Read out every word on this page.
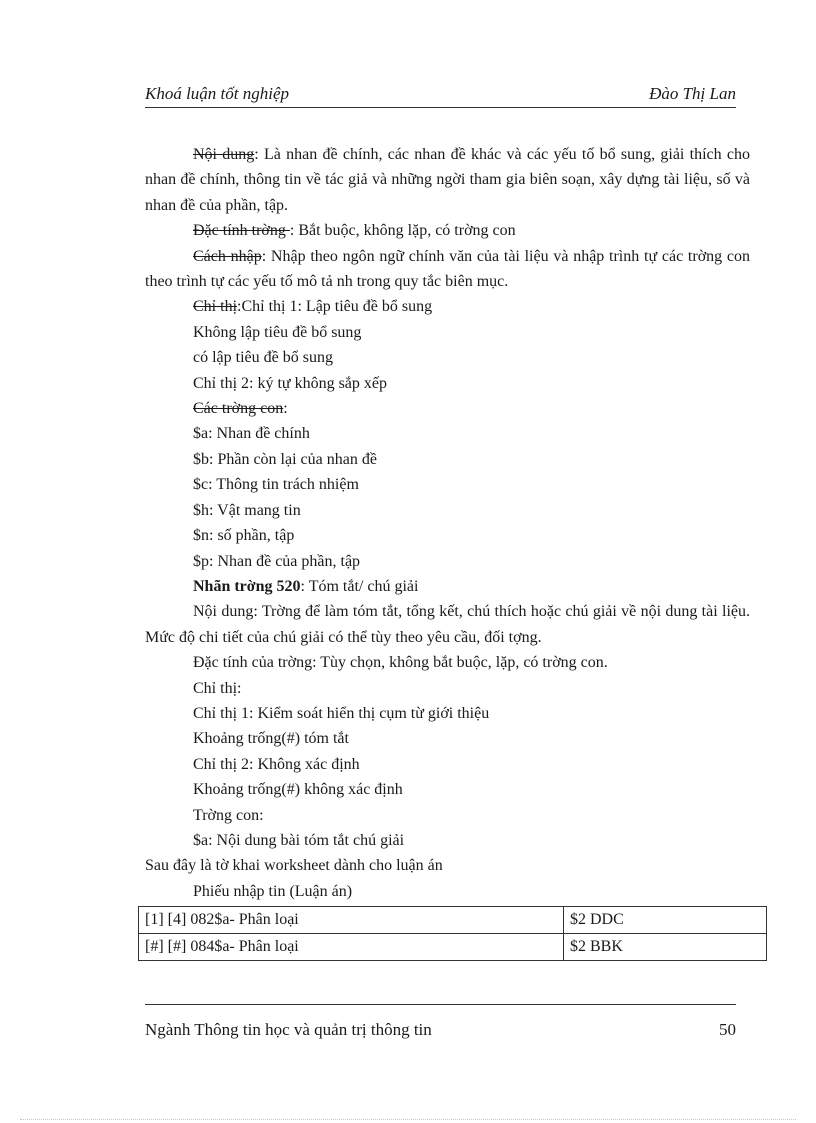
Khoá luận tốt nghiệp	Đào Thị Lan
Nội dung: Là nhan đề chính, các nhan đề khác và các yếu tố bổ sung, giải thích cho nhan đề chính, thông tin về tác giả và những ngời tham gia biên soạn, xây dựng tài liệu, số và nhan đề của phần, tập.
Đặc tính trờng : Bắt buộc, không lặp, có trờng con
Cách nhập: Nhập theo ngôn ngữ chính văn của tài liệu và nhập trình tự các trờng con theo trình tự các yếu tố mô tả nh trong quy tắc biên mục.
Chỉ thị:Chỉ thị 1: Lập tiêu đề bổ sung
Không lập tiêu đề bổ sung
có lập tiêu đề bổ sung
Chỉ thị 2: ký tự không sắp xếp
Các trờng con:
$a: Nhan đề chính
$b: Phần còn lại của nhan đề
$c: Thông tin trách nhiệm
$h: Vật mang tin
$n: số phần, tập
$p: Nhan đề của phần, tập
Nhãn trờng 520: Tóm tắt/ chú giải
Nội dung: Trờng để làm tóm tắt, tổng kết, chú thích hoặc chú giải về nội dung tài liệu. Mức độ chi tiết của chú giải có thể tùy theo yêu cầu, đối tợng.
Đặc tính của trờng: Tùy chọn, không bắt buộc, lặp, có trờng con.
Chỉ thị:
Chỉ thị 1: Kiểm soát hiển thị cụm từ giới thiệu
Khoảng trống(#) tóm tắt
Chỉ thị 2: Không xác định
Khoảng trống(#) không xác định
Trờng con:
$a: Nội dung bài tóm tắt chú giải
Sau đây là tờ khai worksheet dành cho luận án
Phiếu nhập tin (Luận án)
[1] [4] 082$a- Phân loại	$2 DDC
[#] [#] 084$a- Phân loại	$2 BBK
Ngành Thông tin học và quản trị thông tin	50
